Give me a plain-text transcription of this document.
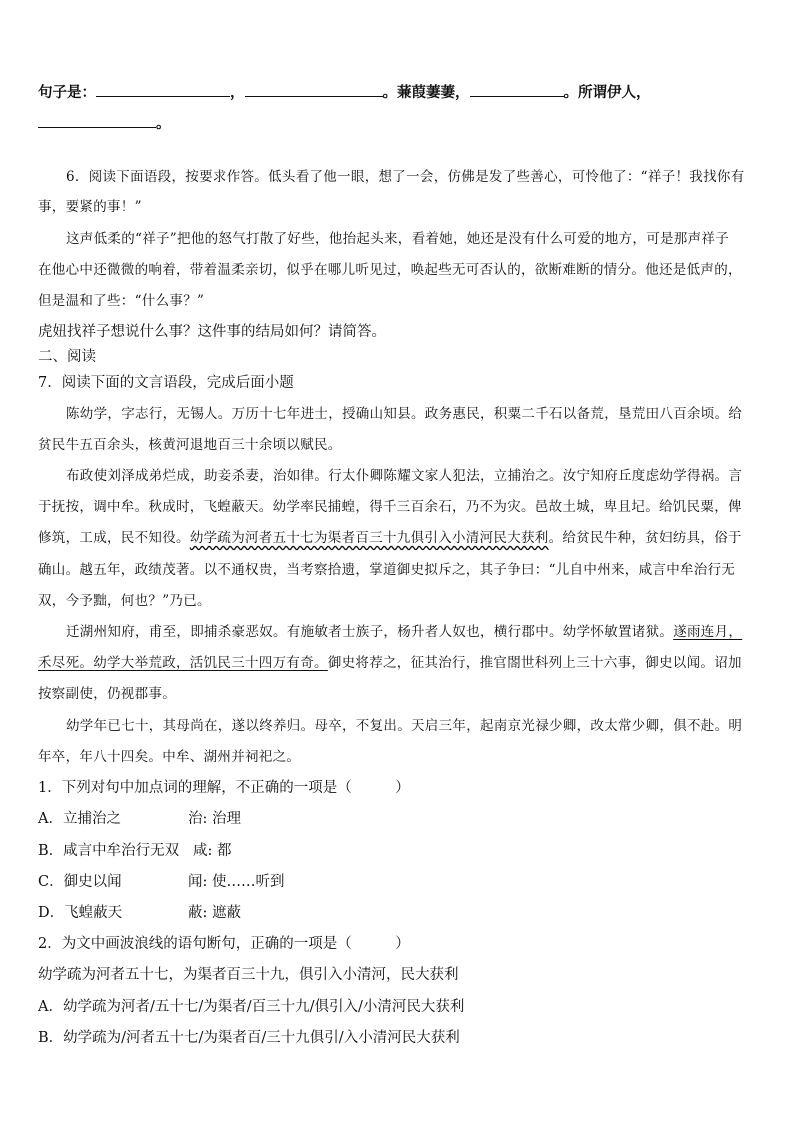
句子是：	，	。蒹葭萋萋，	。所谓伊人，
。
6．阅读下面语段，按要求作答。低头看了他一眼，想了一会，仿佛是发了些善心，可怜他了：“祥子！我找你有
事，要紧的事！”
这声低柔的“祥子”把他的怒气打散了好些，他抬起头来，看着她，她还是没有什么可爱的地方，可是那声祥子
在他心中还微微的响着，带着温柔亲切，似乎在哪儿听见过，唤起些无可否认的，欲断难断的情分。他还是低声的，
但是温和了些：“什么事？”
虎妞找祥子想说什么事？这件事的结局如何？请简答。
二、阅读
7．阅读下面的文言语段，完成后面小题
陈幼学，字志行，无锡人。万历十七年进士，授确山知县。政务惠民，积粟二千石以备荒，垦荒田八百余顷。给
贫民牛五百余头，核黄河退地百三十余顷以赋民。
布政使刘泽成弟烂成，助妾杀妻，治如律。行太仆卿陈耀文家人犯法，立捕治之。汝宁知府丘度虑幼学得祸。言
于抚按，调中牟。秋成时，飞蝗蔽天。幼学率民捕蝗，得千三百余石，乃不为灾。邑故土城，卑且圮。给饥民粟，俾
修筑，工成，民不知役。幼学疏为河者五十七为渠者百三十九俱引入小清河民大获利。给贫民牛种，贫妇纺具，俗于
确山。越五年，政绩茂著。以不通权贵，当考察拾遗，掌道御史拟斥之，其子争曰：“儿自中州来，咸言中牟治行无
双，今予黜，何也？”乃已。
迁湖州知府，甫至，即捕杀豪恶奴。有施敏者士族子，杨升者人奴也，横行郡中。幼学怀敏置诸狱。遂雨连月，
禾尽死。幼学大举荒政，活饥民三十四万有奇。御史将荐之，征其治行，推官閤世科列上三十六事，御史以闻。诏加
按察副使，仍视郡事。
幼学年已七十，其母尚在，遂以终养归。母卒，不复出。天启三年，起南京光禄少卿，改太常少卿，俱不赴。明
年卒，年八十四矣。中牟、湖州并祠祀之。
1．下列对句中加点词的理解，不正确的一项是（　　　）
A．立捕治之	治: 治理
B．咸言中牟治行无双 咸: 都
C．御史以闻	闻: 使……听到
D．飞蝗蔽天	蔽: 遮蔽
2．为文中画波浪线的语句断句，正确的一项是（　　　）
幼学疏为河者五十七，为渠者百三十九，俱引入小清河，民大获利
A．幼学疏为河者/五十七/为渠者/百三十九/俱引入/小清河民大获利
B．幼学疏为/河者五十七/为渠者百/三十九俱引/入小清河民大获利
